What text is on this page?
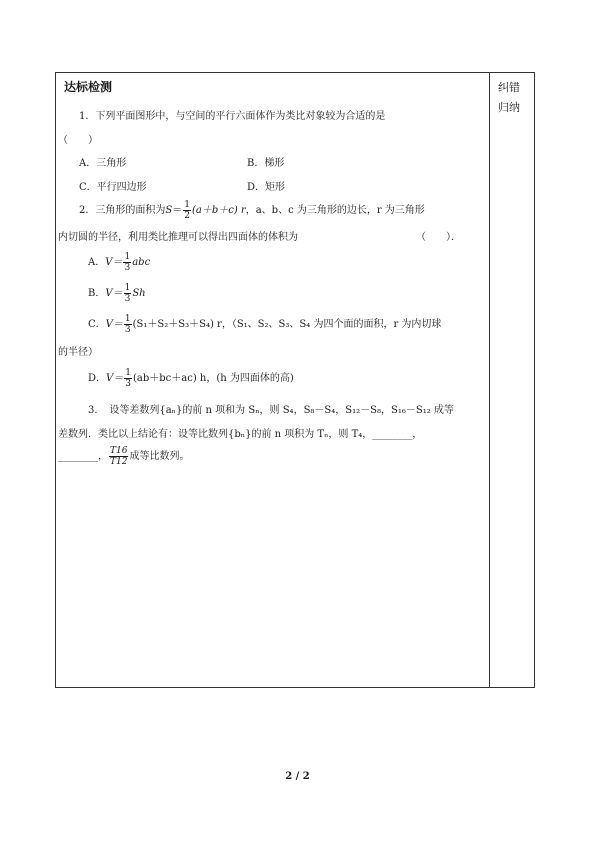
纠错
归纳
达标检测
1．下列平面图形中，与空间的平行六面体作为类比对象较为合适的是
（　　）
A．三角形	B．梯形
C．平行四边形	D．矩形
2．三角形的面积为$S= \frac{1}{2} (a+b+c)$ r，a、b、c 为三角形的边长，r 为三角形
内切圆的半径，利用类比推理可以得出四面体的体积为	（　　）．
A．$V= \frac{1}{3}$ abc
B．$V= \frac{1}{3}$ Sh
C．$V= \frac{1}{3} (S_1+S_2+S_3+S_4)$ r，（S₁、S₂、S₃、S₄ 为四个面的面积，r 为内切球
的半径）
D．$V= \frac{1}{3} (ab+bc+ac)$ h，(h 为四面体的高)
3．　设等差数列{aₙ}的前 n 项和为 Sₙ，则 S₄，S₈－S₄，S₁₂－S₈，S₁₆－S₁₂ 成等
差数列．类比以上结论有：设等比数列{bₙ}的前 n 项积为 Tₙ，则 T₄，________，
________， $\frac{T16}{T12}$ 成等比数列。
2 / 2
